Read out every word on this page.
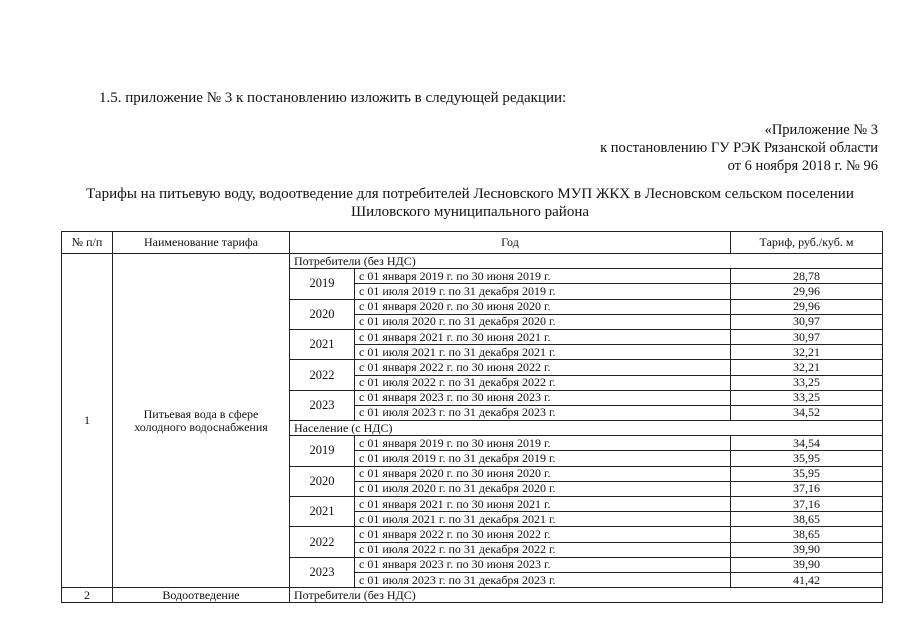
1.5. приложение № 3 к постановлению изложить в следующей редакции:
«Приложение № 3
к постановлению ГУ РЭК Рязанской области
от 6 ноября 2018 г. № 96
Тарифы на питьевую воду, водоотведение для потребителей Лесновского МУП ЖКХ в Лесновском сельском поселении
Шиловского муниципального района
№ п/п	Наименование тарифа	Год		Тариф, руб./куб. м
1	Питьевая вода в сфере холодного водоснабжения	Потребители (без НДС)		
		2019	с 01 января 2019 г. по 30 июня 2019 г.	28,78
			с 01 июля 2019 г. по 31 декабря 2019 г.	29,96
		2020	с 01 января 2020 г. по 30 июня 2020 г.	29,96
			с 01 июля 2020 г. по 31 декабря 2020 г.	30,97
		2021	с 01 января 2021 г. по 30 июня 2021 г.	30,97
			с 01 июля 2021 г. по 31 декабря 2021 г.	32,21
		2022	с 01 января 2022 г. по 30 июня 2022 г.	32,21
			с 01 июля 2022 г. по 31 декабря 2022 г.	33,25
		2023	с 01 января 2023 г. по 30 июня 2023 г.	33,25
			с 01 июля 2023 г. по 31 декабря 2023 г.	34,52
		Население (с НДС)		
		2019	с 01 января 2019 г. по 30 июня 2019 г.	34,54
			с 01 июля 2019 г. по 31 декабря 2019 г.	35,95
		2020	с 01 января 2020 г. по 30 июня 2020 г.	35,95
			с 01 июля 2020 г. по 31 декабря 2020 г.	37,16
		2021	с 01 января 2021 г. по 30 июня 2021 г.	37,16
			с 01 июля 2021 г. по 31 декабря 2021 г.	38,65
		2022	с 01 января 2022 г. по 30 июня 2022 г.	38,65
			с 01 июля 2022 г. по 31 декабря 2022 г.	39,90
		2023	с 01 января 2023 г. по 30 июня 2023 г.	39,90
			с 01 июля 2023 г. по 31 декабря 2023 г.	41,42
2	Водоотведение	Потребители (без НДС)		
